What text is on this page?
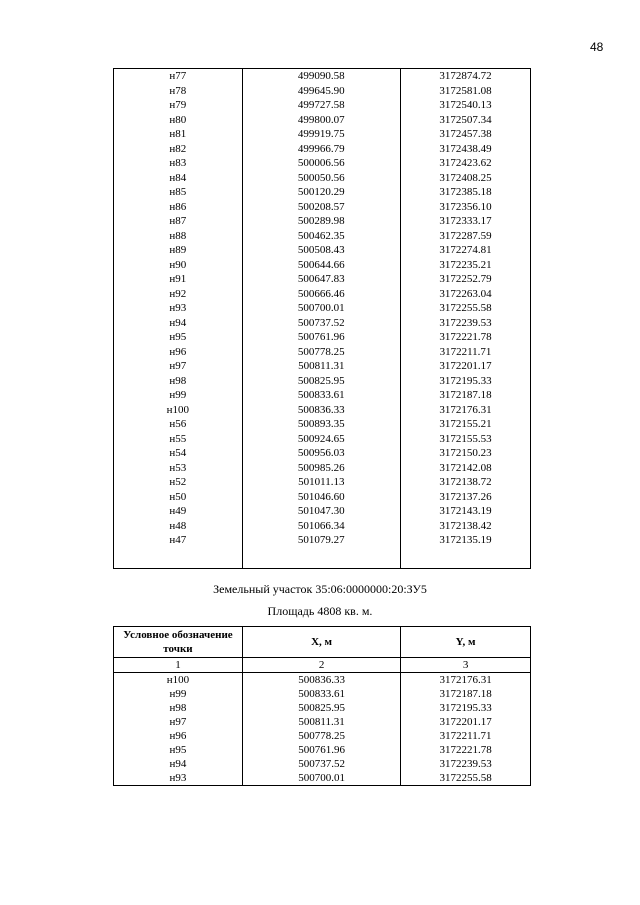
48
н77	499090.58	3172874.72
н78	499645.90	3172581.08
н79	499727.58	3172540.13
н80	499800.07	3172507.34
н81	499919.75	3172457.38
н82	499966.79	3172438.49
н83	500006.56	3172423.62
н84	500050.56	3172408.25
н85	500120.29	3172385.18
н86	500208.57	3172356.10
н87	500289.98	3172333.17
н88	500462.35	3172287.59
н89	500508.43	3172274.81
н90	500644.66	3172235.21
н91	500647.83	3172252.79
н92	500666.46	3172263.04
н93	500700.01	3172255.58
н94	500737.52	3172239.53
н95	500761.96	3172221.78
н96	500778.25	3172211.71
н97	500811.31	3172201.17
н98	500825.95	3172195.33
н99	500833.61	3172187.18
н100	500836.33	3172176.31
н56	500893.35	3172155.21
н55	500924.65	3172155.53
н54	500956.03	3172150.23
н53	500985.26	3172142.08
н52	501011.13	3172138.72
н50	501046.60	3172137.26
н49	501047.30	3172143.19
н48	501066.34	3172138.42
н47	501079.27	3172135.19

Земельный участок 35:06:0000000:20:ЗУ5
Площадь 4808 кв. м.
Условное обозначение точки	X, м	Y, м
1	2	3
н100	500836.33	3172176.31
н99	500833.61	3172187.18
н98	500825.95	3172195.33
н97	500811.31	3172201.17
н96	500778.25	3172211.71
н95	500761.96	3172221.78
н94	500737.52	3172239.53
н93	500700.01	3172255.58
